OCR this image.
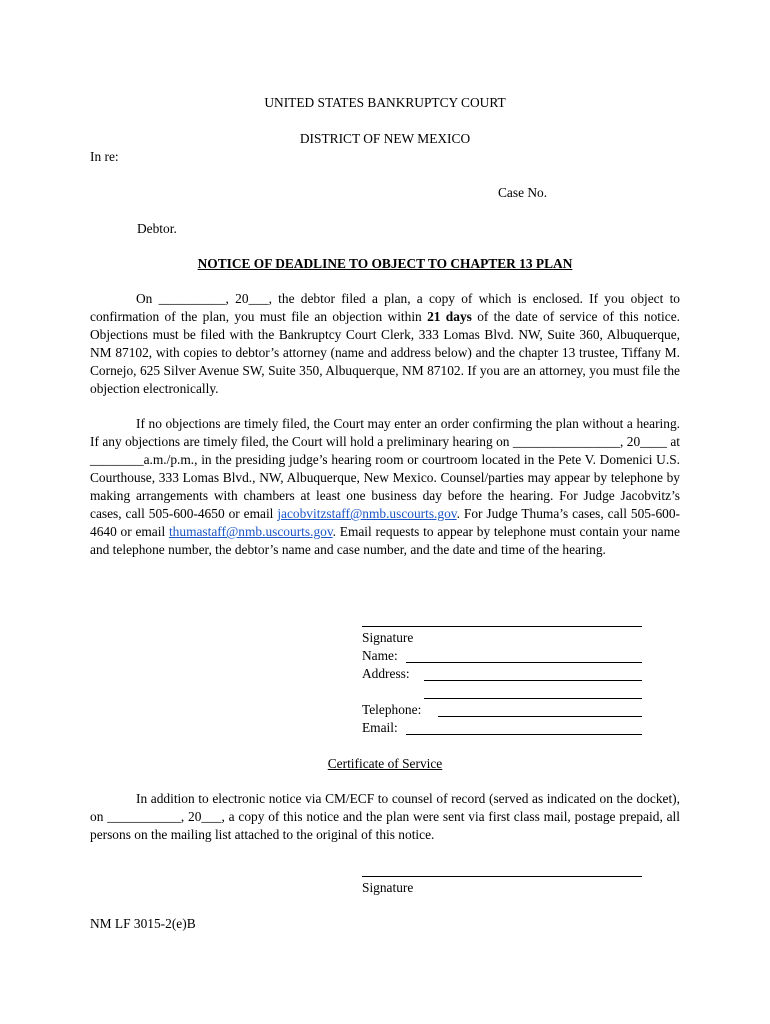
UNITED STATES BANKRUPTCY COURT
DISTRICT OF NEW MEXICO
In re:
Case No.
Debtor.
NOTICE OF DEADLINE TO OBJECT TO CHAPTER 13 PLAN

On __________, 20___, the debtor filed a plan, a copy of which is enclosed. If you object to confirmation of the plan, you must file an objection within 21 days of the date of service of this notice. Objections must be filed with the Bankruptcy Court Clerk, 333 Lomas Blvd. NW, Suite 360, Albuquerque, NM 87102, with copies to debtor’s attorney (name and address below) and the chapter 13 trustee, Tiffany M. Cornejo, 625 Silver Avenue SW, Suite 350, Albuquerque, NM 87102. If you are an attorney, you must file the objection electronically.

If no objections are timely filed, the Court may enter an order confirming the plan without a hearing. If any objections are timely filed, the Court will hold a preliminary hearing on ________________, 20____ at ________a.m./p.m., in the presiding judge’s hearing room or courtroom located in the Pete V. Domenici U.S. Courthouse, 333 Lomas Blvd., NW, Albuquerque, New Mexico. Counsel/parties may appear by telephone by making arrangements with chambers at least one business day before the hearing. For Judge Jacobvitz’s cases, call 505-600-4650 or email jacobvitzstaff@nmb.uscourts.gov. For Judge Thuma’s cases, call 505-600-4640 or email thumastaff@nmb.uscourts.gov. Email requests to appear by telephone must contain your name and telephone number, the debtor’s name and case number, and the date and time of the hearing.

Signature
Name:
Address:
Telephone:
Email:
Certificate of Service

In addition to electronic notice via CM/ECF to counsel of record (served as indicated on the docket), on ___________, 20___, a copy of this notice and the plan were sent via first class mail, postage prepaid, all persons on the mailing list attached to the original of this notice.

Signature
NM LF 3015-2(e)B
